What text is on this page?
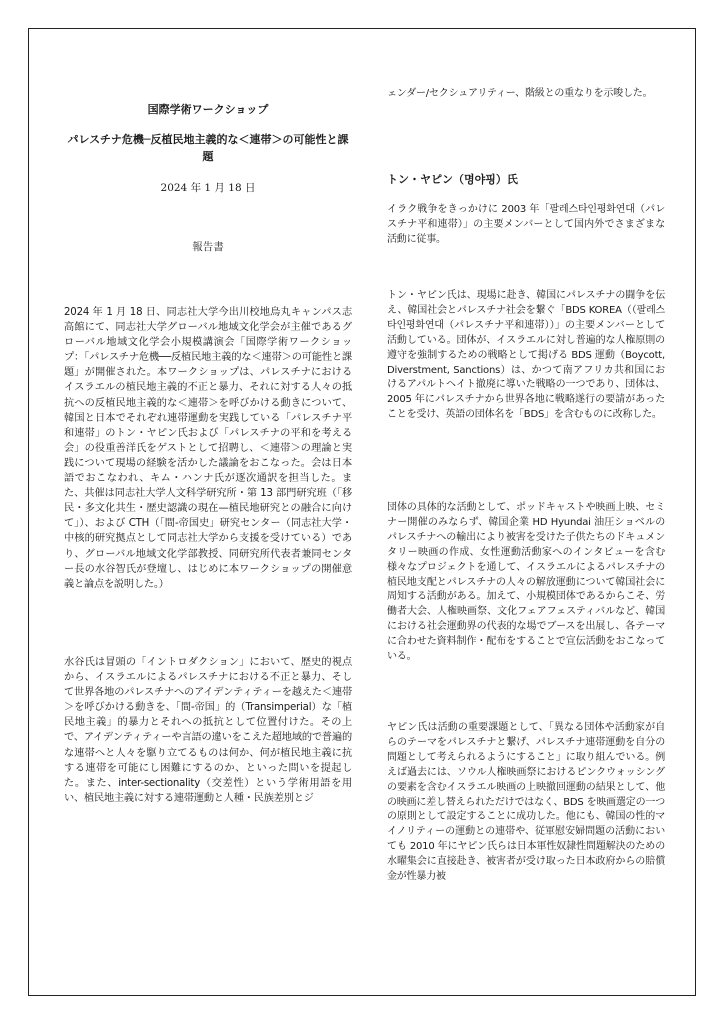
国際学術ワークショップ
パレスチナ危機─反植民地主義的な＜連帯＞の可能性と課題
2024 年 1 月 18 日
報告書

2024 年 1 月 18 日、同志社大学今出川校地烏丸キャンパス志高館にて、同志社大学グローバル地域文化学会が主催であるグローバル地域文化学会小規模講演会「国際学術ワークショップ：「パレスチナ危機──反植民地主義的な＜連帯＞の可能性と課題」が開催された。本ワークショップは、パレスチナにおけるイスラエルの植民地主義的不正と暴力、それに対する人々の抵抗への反植民地主義的な＜連帯＞を呼びかける動きについて、韓国と日本でそれぞれ連帯運動を実践している「パレスチナ平和連帯」のトン・ヤピン氏および「パレスチナの平和を考える会」の役重善洋氏をゲストとして招聘し、＜連帯＞の理論と実践について現場の経験を活かした議論をおこなった。会は日本語でおこなわれ、キム・ハンナ氏が逐次通訳を担当した。また、共催は同志社大学人文科学研究所・第 13 部門研究班（「移民・多文化共生・歴史認識の現在—植民地研究との融合に向けて」）、および CTH（「間-帝国史」研究センター（同志社大学・中核的研究拠点として同志社大学から支援を受けている）であり、グローバル地域文化学部教授、同研究所代表者兼同センター長の水谷智氏が登壇し、はじめに本ワークショップの開催意義と論点を説明した。）

水谷氏は冒頭の「イントロダクション」において、歴史的視点から、イスラエルによるパレスチナにおける不正と暴力、そして世界各地のパレスチナへのアイデンティティーを越えた＜連帯＞を呼びかける動きを、「間-帝国」的（Transimperial）な「植民地主義」的暴力とそれへの抵抗として位置付けた。その上で、アイデンティティーや言語の違いをこえた超地域的で普遍的な連帯へと人々を駆り立てるものは何か、何が植民地主義に抗する連帯を可能にし困難にするのか、といった問いを提起した。また、inter-sectionality（交差性）という学術用語を用い、植民地主義に対する連帯運動と人種・民族差別とジ

ェンダー/セクシュアリティー、階級との重なりを示唆した。

トン・ヤピン（명야핑）氏

イラク戦争をきっかけに 2003 年「팔레스타인평화연대（パレスチナ平和連帯）」の主要メンバーとして国内外でさまざまな活動に従事。

トン・ヤピン氏は、現場に赴き、韓国にパレスチナの闘争を伝え、韓国社会とパレスチナ社会を繋ぐ「BDS KOREA（（팔레스타인평화연대（パレスチナ平和連帯））」の主要メンバーとして活動している。団体が、イスラエルに対し普遍的な人権原則の遵守を強制するための戦略として掲げる BDS 運動（Boycott, Diverstment, Sanctions）は、かつて南アフリカ共和国におけるアパルトヘイト撤廃に導いた戦略の一つであり、団体は、2005 年にパレスチナから世界各地に戦略遂行の要請があったことを受け、英語の団体名を「BDS」を含むものに改称した。

団体の具体的な活動として、ポッドキャストや映画上映、セミナー開催のみならず、韓国企業 HD Hyundai 油圧ショベルのパレスチナへの輸出により被害を受けた子供たちのドキュメンタリー映画の作成、女性運動活動家へのインタビューを含む様々なプロジェクトを通して、イスラエルによるパレスチナの植民地支配とパレスチナの人々の解放運動について韓国社会に周知する活動がある。加えて、小規模団体であるからこそ、労働者大会、人権映画祭、文化フェアフェスティバルなど、韓国における社会運動界の代表的な場でブースを出展し、各テーマに合わせた資料制作・配布をすることで宣伝活動をおこなっている。

ヤピン氏は活動の重要課題として、「異なる団体や活動家が自らのテーマをパレスチナと繋げ、パレスチナ連帯運動を自分の問題として考えられるようにすること」に取り組んでいる。例えば過去には、ソウル人権映画祭におけるピンクウォッシングの要素を含むイスラエル映画の上映撤回運動の結果として、他の映画に差し替えられただけではなく、BDS を映画選定の一つの原則として設定することに成功した。他にも、韓国の性的マイノリティーの運動との連帯や、従軍慰安婦問題の活動においても 2010 年にヤピン氏らは日本軍性奴隷性問題解決のための水曜集会に直接赴き、被害者が受け取った日本政府からの賠償金が性暴力被
